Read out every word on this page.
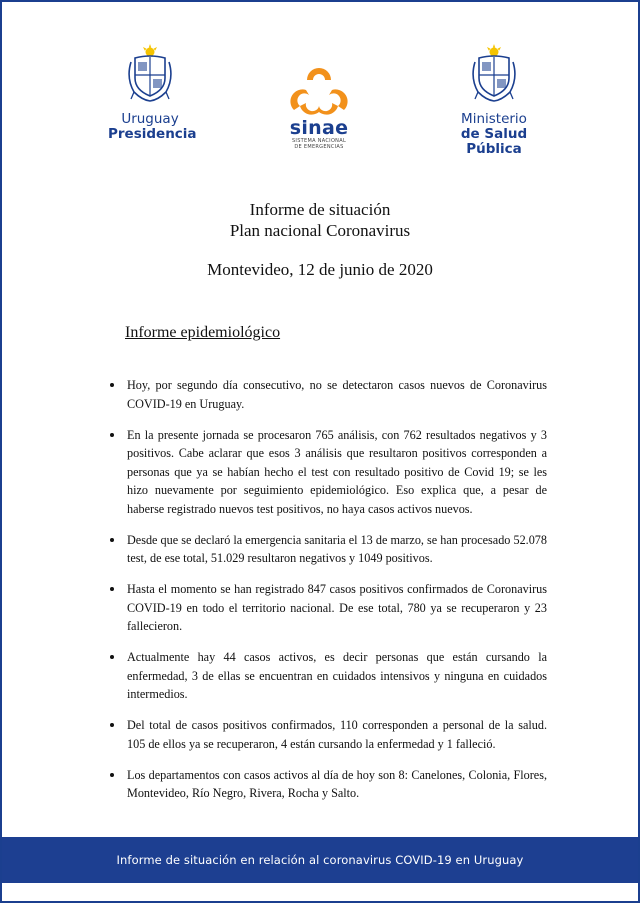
Uruguay
Presidencia	sinae
SISTEMA NACIONAL
DE EMERGENCIAS
Ministerio
de Salud Pública
Informe de situación
Plan nacional Coronavirus
Montevideo, 12 de junio de 2020
Informe epidemiológico
Hoy, por segundo día consecutivo, no se detectaron casos nuevos de Coronavirus COVID-19 en Uruguay.
En la presente jornada se procesaron 765 análisis, con 762 resultados negativos y 3 positivos. Cabe aclarar que esos 3 análisis que resultaron positivos corresponden a personas que ya se habían hecho el test con resultado positivo de Covid 19; se les hizo nuevamente por seguimiento epidemiológico. Eso explica que, a pesar de haberse registrado nuevos test positivos, no haya casos activos nuevos.
Desde que se declaró la emergencia sanitaria el 13 de marzo, se han procesado 52.078 test, de ese total, 51.029 resultaron negativos y 1049 positivos.
Hasta el momento se han registrado 847 casos positivos confirmados de Coronavirus COVID-19 en todo el territorio nacional. De ese total, 780 ya se recuperaron y 23 fallecieron.
Actualmente hay 44 casos activos, es decir personas que están cursando la enfermedad, 3 de ellas se encuentran en cuidados intensivos y ninguna en cuidados intermedios.
Del total de casos positivos confirmados, 110 corresponden a personal de la salud. 105 de ellos ya se recuperaron, 4 están cursando la enfermedad y 1 falleció.
Los departamentos con casos activos al día de hoy son 8: Canelones, Colonia, Flores, Montevideo, Río Negro, Rivera, Rocha y Salto.
Informe de situación en relación al coronavirus COVID-19 en Uruguay
